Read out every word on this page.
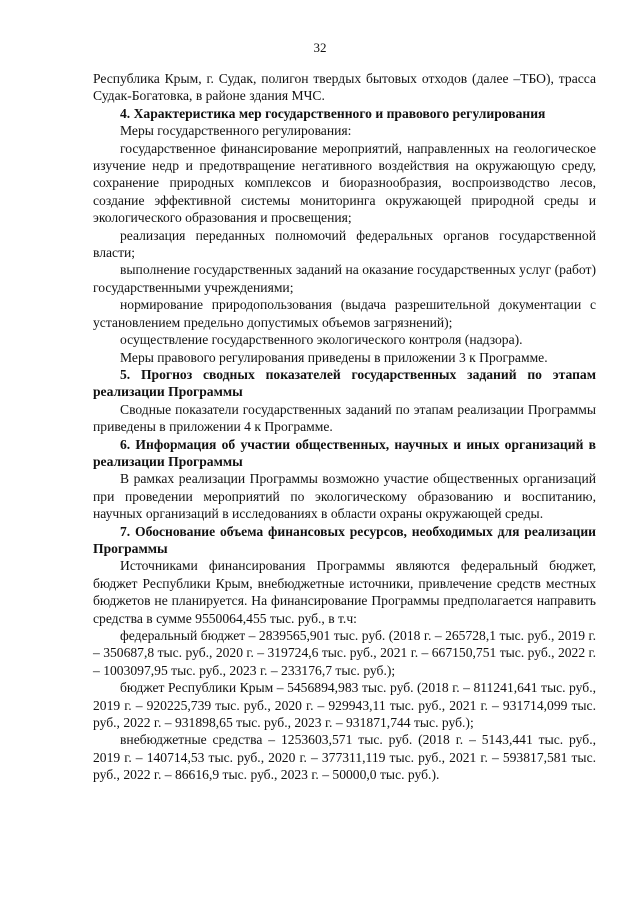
32

Республика Крым, г. Судак, полигон твердых бытовых отходов (далее –ТБО), трасса Судак-Богатовка, в районе здания МЧС.

4. Характеристика мер государственного и правового регулирования

Меры государственного регулирования:

государственное финансирование мероприятий, направленных на геологическое изучение недр и предотвращение негативного воздействия на окружающую среду, сохранение природных комплексов и биоразнообразия, воспроизводство лесов, создание эффективной системы мониторинга окружающей природной среды и экологического образования и просвещения;

реализация переданных полномочий федеральных органов государственной власти;

выполнение государственных заданий на оказание государственных услуг (работ) государственными учреждениями;

нормирование природопользования (выдача разрешительной документации с установлением предельно допустимых объемов загрязнений);

осуществление государственного экологического контроля (надзора).

Меры правового регулирования приведены в приложении 3 к Программе.

5. Прогноз сводных показателей государственных заданий по этапам реализации Программы

Сводные показатели государственных заданий по этапам реализации Программы приведены в приложении 4 к Программе.

6. Информация об участии общественных, научных и иных организаций в реализации Программы

В рамках реализации Программы возможно участие общественных организаций при проведении мероприятий по экологическому образованию и воспитанию, научных организаций в исследованиях в области охраны окружающей среды.

7. Обоснование объема финансовых ресурсов, необходимых для реализации Программы

Источниками финансирования Программы являются федеральный бюджет, бюджет Республики Крым, внебюджетные источники, привлечение средств местных бюджетов не планируется. На финансирование Программы предполагается направить средства в сумме 9550064,455 тыс. руб., в т.ч:

федеральный бюджет – 2839565,901 тыс. руб. (2018 г. – 265728,1 тыс. руб., 2019 г. – 350687,8 тыс. руб., 2020 г. – 319724,6 тыс. руб., 2021 г. – 667150,751 тыс. руб., 2022 г. – 1003097,95 тыс. руб., 2023 г. – 233176,7 тыс. руб.);

бюджет Республики Крым – 5456894,983 тыс. руб. (2018 г. – 811241,641 тыс. руб., 2019 г. – 920225,739 тыс. руб., 2020 г. – 929943,11 тыс. руб., 2021 г. – 931714,099 тыс. руб., 2022 г. – 931898,65 тыс. руб., 2023 г. – 931871,744 тыс. руб.);

внебюджетные средства – 1253603,571 тыс. руб. (2018 г. – 5143,441 тыс. руб., 2019 г. – 140714,53 тыс. руб., 2020 г. – 377311,119 тыс. руб., 2021 г. – 593817,581 тыс. руб., 2022 г. – 86616,9 тыс. руб., 2023 г. – 50000,0 тыс. руб.).
